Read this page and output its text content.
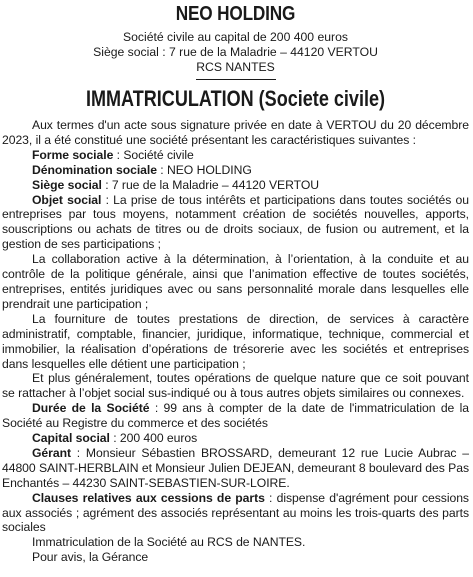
NEO HOLDING

Société civile au capital de 200 400 euros

Siège social : 7 rue de la Maladrie – 44120 VERTOU

RCS NANTES

IMMATRICULATION (Societe civile)

Aux termes d'un acte sous signature privée en date à VERTOU du 20 décembre 2023, il a été constitué une société présentant les caractéristiques suivantes :

Forme sociale : Société civile

Dénomination sociale : NEO HOLDING

Siège social : 7 rue de la Maladrie – 44120 VERTOU

Objet social : La prise de tous intérêts et participations dans toutes sociétés ou entreprises par tous moyens, notamment création de sociétés nouvelles, apports, souscriptions ou achats de titres ou de droits sociaux, de fusion ou autrement, et la gestion de ses participations ;

La collaboration active à la détermination, à l’orientation, à la conduite et au contrôle de la politique générale, ainsi que l’animation effective de toutes sociétés, entreprises, entités juridiques avec ou sans personnalité morale dans lesquelles elle prendrait une participation ;

La fourniture de toutes prestations de direction, de services à caractère administratif, comptable, financier, juridique, informatique, technique, commercial et immobilier, la réalisation d’opérations de trésorerie avec les sociétés et entreprises dans lesquelles elle détient une participation ;

Et plus généralement, toutes opérations de quelque nature que ce soit pouvant se rattacher à l’objet social sus-indiqué ou à tous autres objets similaires ou connexes.

Durée de la Société : 99 ans à compter de la date de l'immatriculation de la Société au Registre du commerce et des sociétés

Capital social : 200 400 euros

Gérant : Monsieur Sébastien BROSSARD, demeurant 12 rue Lucie Aubrac – 44800 SAINT-HERBLAIN et Monsieur Julien DEJEAN, demeurant 8 boulevard des Pas Enchantés – 44230 SAINT-SEBASTIEN-SUR-LOIRE.

Clauses relatives aux cessions de parts : dispense d'agrément pour cessions aux associés ; agrément des associés représentant au moins les trois-quarts des parts sociales

Immatriculation de la Société au RCS de NANTES.

Pour avis, la Gérance
